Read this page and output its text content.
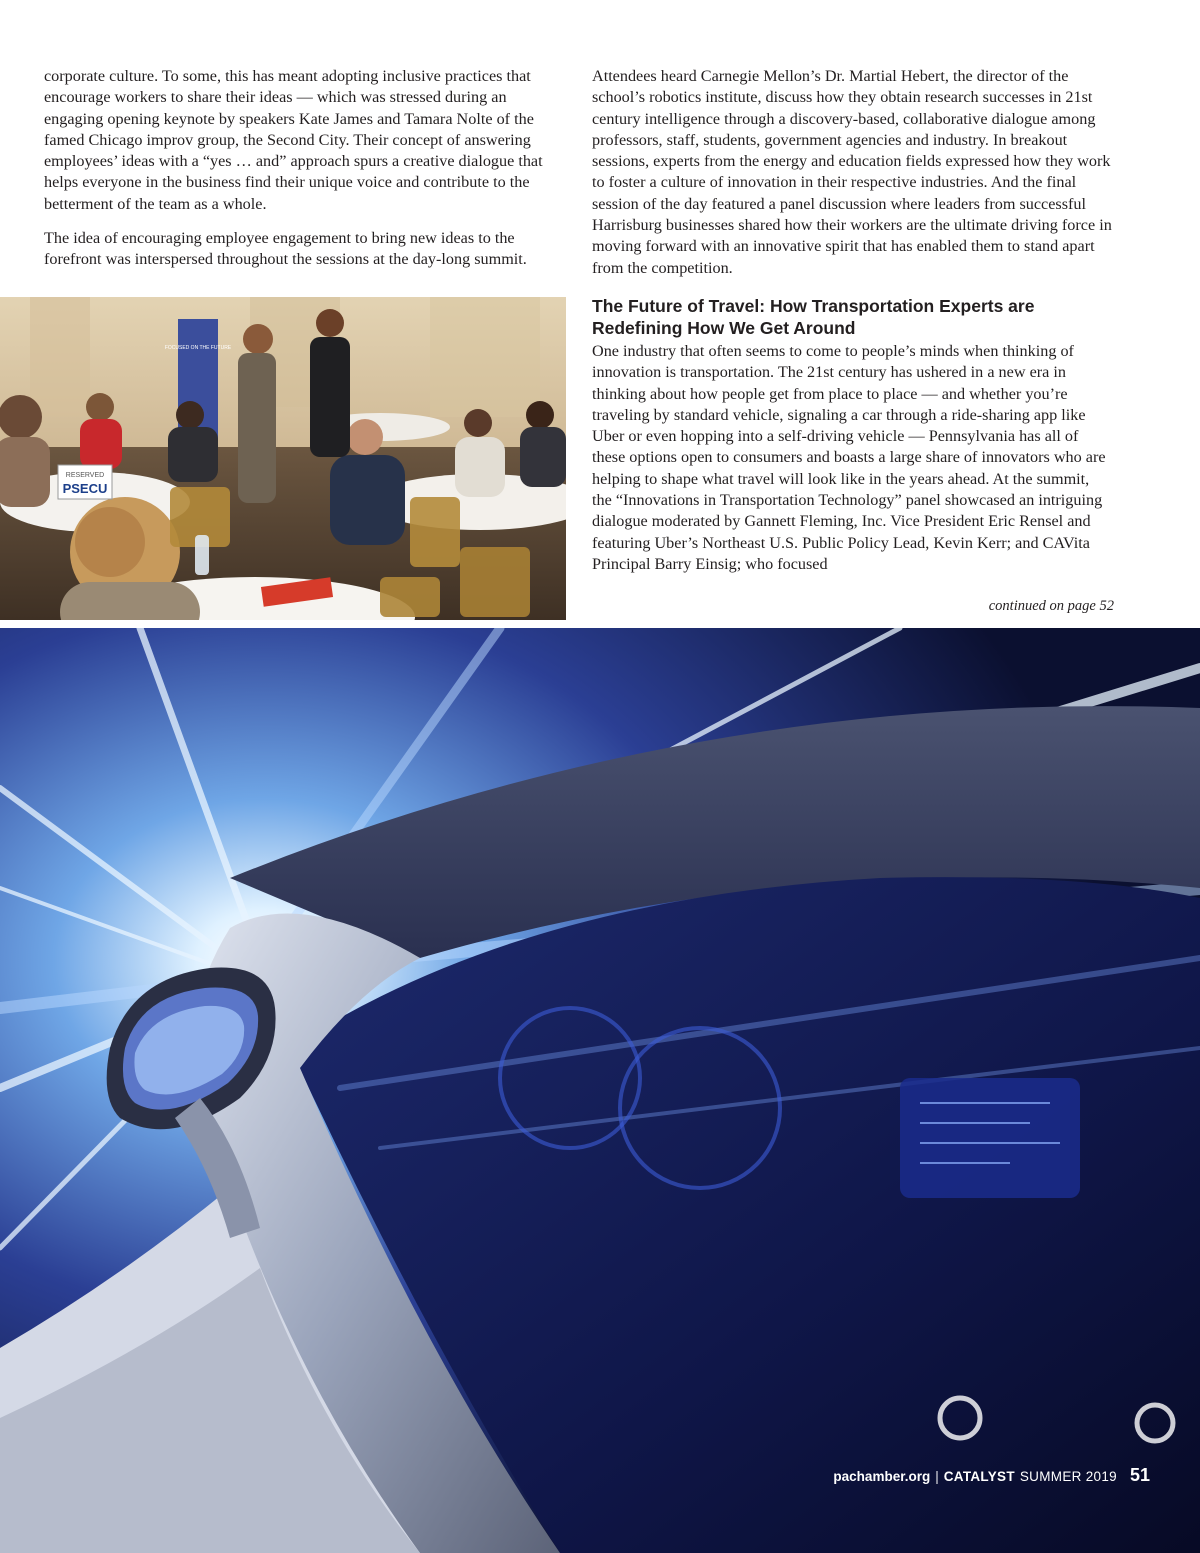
corporate culture. To some, this has meant adopting inclusive practices that encourage workers to share their ideas — which was stressed during an engaging opening keynote by speakers Kate James and Tamara Nolte of the famed Chicago improv group, the Second City. Their concept of answering employees’ ideas with a “yes … and” approach spurs a creative dialogue that helps everyone in the business find their unique voice and contribute to the betterment of the team as a whole.

The idea of encouraging employee engagement to bring new ideas to the forefront was interspersed throughout the sessions at the day-long summit.

Attendees heard Carnegie Mellon’s Dr. Martial Hebert, the director of the school’s robotics institute, discuss how they obtain research successes in 21st century intelligence through a discovery-based, collaborative dialogue among professors, staff, students, government agencies and industry. In breakout sessions, experts from the energy and education fields expressed how they work to foster a culture of innovation in their respective industries. And the final session of the day featured a panel discussion where leaders from successful Harrisburg businesses shared how their workers are the ultimate driving force in moving forward with an innovative spirit that has enabled them to stand apart from the competition.

The Future of Travel: How Transportation Experts are Redefining How We Get Around

One industry that often seems to come to people’s minds when thinking of innovation is transportation. The 21st century has ushered in a new era in thinking about how people get from place to place — and whether you’re traveling by standard vehicle, signaling a car through a ride-sharing app like Uber or even hopping into a self-driving vehicle — Pennsylvania has all of these options open to consumers and boasts a large share of innovators who are helping to shape what travel will look like in the years ahead. At the summit, the “Innovations in Transportation Technology” panel showcased an intriguing dialogue moderated by Gannett Fleming, Inc. Vice President Eric Rensel and featuring Uber’s Northeast U.S. Public Policy Lead, Kevin Kerr; and CAVita Principal Barry Einsig; who focused

continued on page 52
FOCUSED ON THE FUTURE
RESERVED
PSECU
pachamber.org | CATALYST SUMMER 2019 51
